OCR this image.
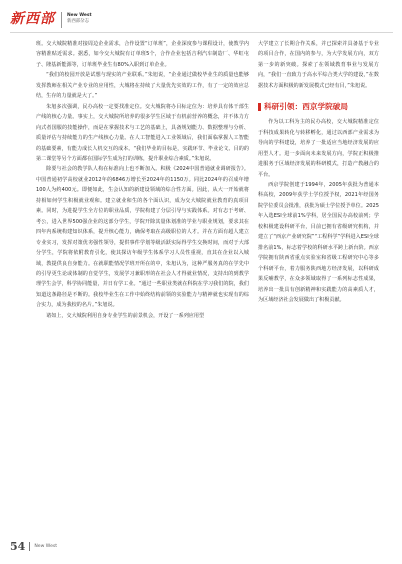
新西部	New West
新西部杂志

班。交大城院精准对接周边企业需求，合作设置“订单班”，企业深度参与课程设计，使教学内容精准贴近需求。据悉，如今交大城院有订单班5个，合作企业包括吉利汽车制造厂、华虹屯子、隆基新能源等，订单班毕业生有80%入职到订单企业。

“我们的校园开放是试想与现实的产业联系。”朱旭说，“企业通过做校毕业生的质量也能够发挥教师在相关产业专业的应用性，大城将在持续了大量优先实效的工作，有了一定的效应总结，生存的力量就是大了。”

朱旭多次强调，民办高校一定要找准定位。交大城院将办目标定位为：培养具有体干部生产线的核心力量。事实上，交大城院所培养的很多学生区域于有机前营养的概念，并不体力方向式者国服的技能操作，而是在掌握技术与工艺的基础上，具备规划能力、数据整理与分析、质量评估与持续能力的生产线核心力量。在人工智能进入工业领域后，我们面临掌握人工智能的基础要素，有能力成长人机交互的成本。“我们毕业的目标是，实践环节、毕业论文、目的的第二课堂等另个方面都在国际学生成为打的训练，提升职业综合素质。”朱旭说。

除要与社会的教学队人构在标准向上也不断加入。积极《2024中国普通就业调研报告》。中国普通初学高校就业2012年的6846万增长至2024年的1150万。同比2024年的召成年增100人为约400元。即便如此，生会认知的新建设领域的综合性方面。因此，从大一开始就将持相如何学生积极就业观和。建立就业和生的各个面认识，成为交大城院就业教育的真项目素。同时，为进提学生全方位的职业品质，学院构建了分层引导与实践体系。对有志于考研、考公，进入世界500强企业的这部分学生，学院开除其量体划准的学业与职业规划，要求其在四年内系统构建知识体系，提升核心能力，确保考取在高级职位的人才。并在方面有超人建立专业实习，发挥对策优劣强性领导，提供事件学划等级活跃实际得学生交换时间，而对于大部分学生，学院将依附教育引化，使其探访年级学生体系学习人员性重视，直其在企业以入城域，教提供良自身能力。在就职能情况学班开所在的中，朱旭认为，这种严服务真的在学先中的引导更生论或体制的自觉学生，发展学习兼职形的在社会人才得就业情况，支持出的到教学理学生会学，科学协同能量，并日有学工业。“通过一些职业类就在科院在学习我们的院，我们知道这条路径是不断的。我校毕业生在工作中始终结构前领的实验能力与精神就也实现有的综合实力，成为我校的名片。”朱旭说。

诸如上，交大城院利用自身专业学生的前景机会，开设了一系列应用型

大学建立了长期合作关系，并已探索并具备基于专业的项目合作，在国内的参与，为大学发展方向，双方第一步的新突破。探索了在领域教育事业与发展方向，“我们一直致力于高水平综合类大学的建设，”在数据技术方面积极的新发展模式已经有目，”朱旭说。

科研引领：西京学院破局

作为以工科为主的民办高校，交大城院精准定位于科技成果转化与转移孵化，通过以西部产业需求为导向的学科建设，培养了一批适应当地经济发展的应用型人才。进一步面向未来发展方向，学院正积极推进服务于区域经济发展的科研模式，打造产教融合的平台。

西京学院创建于1994年，2005年获批为普通本科高校，2009年获学士学位授予权，2021年经国务院学位委员会批准，获批为硕士学位授予单位。2025年入选ESI全球前1%学科，居全国民办高校前列；学校积极建设科研平台，目前已拥有省级研究机构，并建立了“西京产业研究院”“工程科学”学科进入ESI全球排名前1%，标志着学校的科研水平跨上新台阶。西京学院拥有陕西省重点实验室和省级工程研究中心等多个科研平台，着力服务陕西地方经济发展，以科研成果反哺教学，在众多领域取得了一系列标志性成果，培养出一批具有创新精神和实践能力的高素质人才，为区域经济社会发展做出了积极贡献。

54 New West
